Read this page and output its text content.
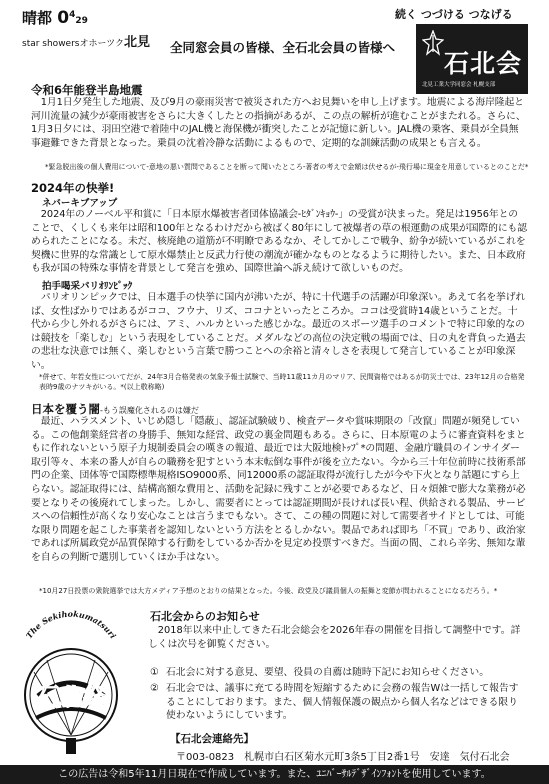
晴都 $0^429$
star showersオホーツク北見	全同窓会員の皆様、全石北会員の皆様へ
続く つづける つなげる
石北会
北見工業大学同窓会 札幌支部
令和6年能登半島地震
1月1日夕発生した地震、及び9月の豪雨災害で被災された方へお見舞いを申し上げます。地震による海岸隆起と河川流量の減少が豪雨被害をさらに大きくしたとの指摘があるが、この点の解析が進むことがまたれる。さらに、1月3日夕には、羽田空港で着陸中のJAL機と海保機が衝突したことが記憶に新しい。JAL機の乗客、乗員が全員無事避難できた背景となった。乗員の沈着冷静な活動によるもので、定期的な訓練活動の成果とも言える。
*緊急脱出後の個人費用について-意地の悪い質問であることを断って聞いたところ-著者の考えで金額は伏せるが-飛行場に現金を用意しているとのことだ*
2024年の快挙!
ネバーキブアップ
2024年のノーベル平和賞に「日本原水爆被害者団体協議会-ﾋﾀﾞﾝｷｮｳ-」の受賞が決まった。発足は1956年とのことで、くしくも来年は昭和100年となるわけだから被ばく80年にして被爆者の草の根運動の成果が国際的にも認められたことになる。未だ、核廃絶の道筋が不明瞭であるなか、そしてかしこで戦争、紛争が続いているがこれを契機に世界的な常識として原水爆禁止と反武力行使の潮流が確かなものとなるように期待したい。また、日本政府も我が国の特殊な事情を背景として発言を強め、国際世論へ訴え続けて欲しいものだ。
拍手喝采パリｵﾘﾝﾋﾟｯｸ
パリオリンピックでは、日本選手の快挙に国内が沸いたが、特に十代選手の活躍が印象深い。あえて名を挙げれば、女性ばかりではあるがココ、フウナ、リズ、ココナといったところか。ココは受賞時14歳ということだ。十代から少し外れるがさらには、アミ、ハルカといった感じかな。最近のスポーツ選手のコメントで特に印象的なのは競技を「楽しむ」という表現をしていることだ。メダルなどの高位の決定戦の場面では、日の丸を背負った過去の悲壮な決意では無く、楽しむという言葉で勝つことへの余裕と清々しさを表現して発言していることが印象深い。
*併せて、年若女性についてだが、24年3月合格発表の気象予報士試験で、当時11歳11カ月のマリア、民間資格ではあるが防災士では、23年12月の合格発表時9歳のナツキがいる。*(以上敬称略)
日本を覆う闇-もう誤魔化されるのは嫌だ
最近、ハラスメント、いじめ隠し「隠蔽」、認証試験破り、検査データや賞味期限の「改竄」問題が頻発している。この他創業経営者の身勝手、無知な経営、政党の裏金問題もある。さらに、日本原電のように審査資料をまともに作れないという原子力規制委員会の嘆きの報道、最近では大阪地検ﾄｯﾌﾟ*の問題、金融庁職員のインサイダー取引等々、本来の番人が自らの職務を犯すという本末転倒な事件が後を立たない。今から三十年位前時に技術系部門の企業、団体等で国際標準規格ISO9000系、同12000系の認証取得が流行したが今や下火となり話題にすら上らない。認証取得には、結構高額な費用と、活動を記録に残すことが必要であるなど、日々煩雑で膨大な業務が必要となりその後廃れてしまった。しかし、需要者にとっては認証期間が長ければ長い程、供給される製品、サービスへの信頼性が高くなり安心なことは言うまでもない。さて、この種の問題に対して需要者サイドとしては、可能な限り問題を起こした事業者を認知しないという方法をとるしかない。製品であれば即ち「不買」であり、政治家であれば所属政党が品質保障する行動をしているか否かを見定め投票すべきだ。当面の間、これら辛劣、無知な輩を自らの判断で選別していくほか手はない。
*10月27日投票の衆院選挙では大方メディア予想のとおりの結果となった。今後、政党及び議員個人の振舞と変節が問われることになるだろう。*
The Sekihokumatsuri
石北祭
石北会からのお知らせ
2018年以来中止してきた石北会総会を2026年春の開催を目指して調整中です。詳しくは次号を御覧ください。
① 石北会に対する意見、要望、役員の自薦は随時下記にお知らせください。
② 石北会では、議事に充てる時間を短縮するために会務の報告Wは一括して報告することにしております。また、個人情報保護の観点から個人名などはできる限り使わないようにしています。
【石北会連絡先】
〒003-0823　札幌市白石区菊水元町3条5丁目2番1号　安達　気付石北会
この広告は令和5年11月日現在で作成しています。また、ﾕﾆﾊﾞｰｻﾙﾃﾞｻﾞｲﾝﾌｫﾝﾄを使用しています。
